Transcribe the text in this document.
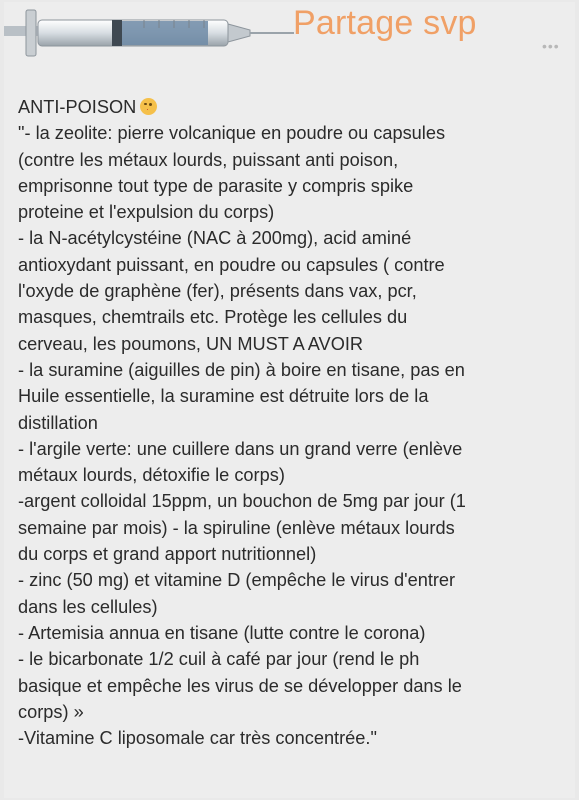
Partage svp
•••
ANTI-POISON
"- la zeolite: pierre volcanique en poudre ou capsules
(contre les métaux lourds, puissant anti poison,
emprisonne tout type de parasite y compris spike
proteine et l'expulsion du corps)
- la N-acétylcystéine (NAC à 200mg), acid aminé
antioxydant puissant, en poudre ou capsules ( contre
l'oxyde de graphène (fer), présents dans vax, pcr,
masques, chemtrails etc. Protège les cellules du
cerveau, les poumons, UN MUST A AVOIR
- la suramine (aiguilles de pin) à boire en tisane, pas en
Huile essentielle, la suramine est détruite lors de la
distillation
- l'argile verte: une cuillere dans un grand verre (enlève
métaux lourds, détoxifie le corps)
-argent colloidal 15ppm, un bouchon de 5mg par jour (1
semaine par mois) - la spiruline (enlève métaux lourds
du corps et grand apport nutritionnel)
- zinc (50 mg) et vitamine D (empêche le virus d'entrer
dans les cellules)
- Artemisia annua en tisane (lutte contre le corona)
- le bicarbonate 1/2 cuil à café par jour (rend le ph
basique et empêche les virus de se développer dans le
corps) »
-Vitamine C liposomale car très concentrée."
